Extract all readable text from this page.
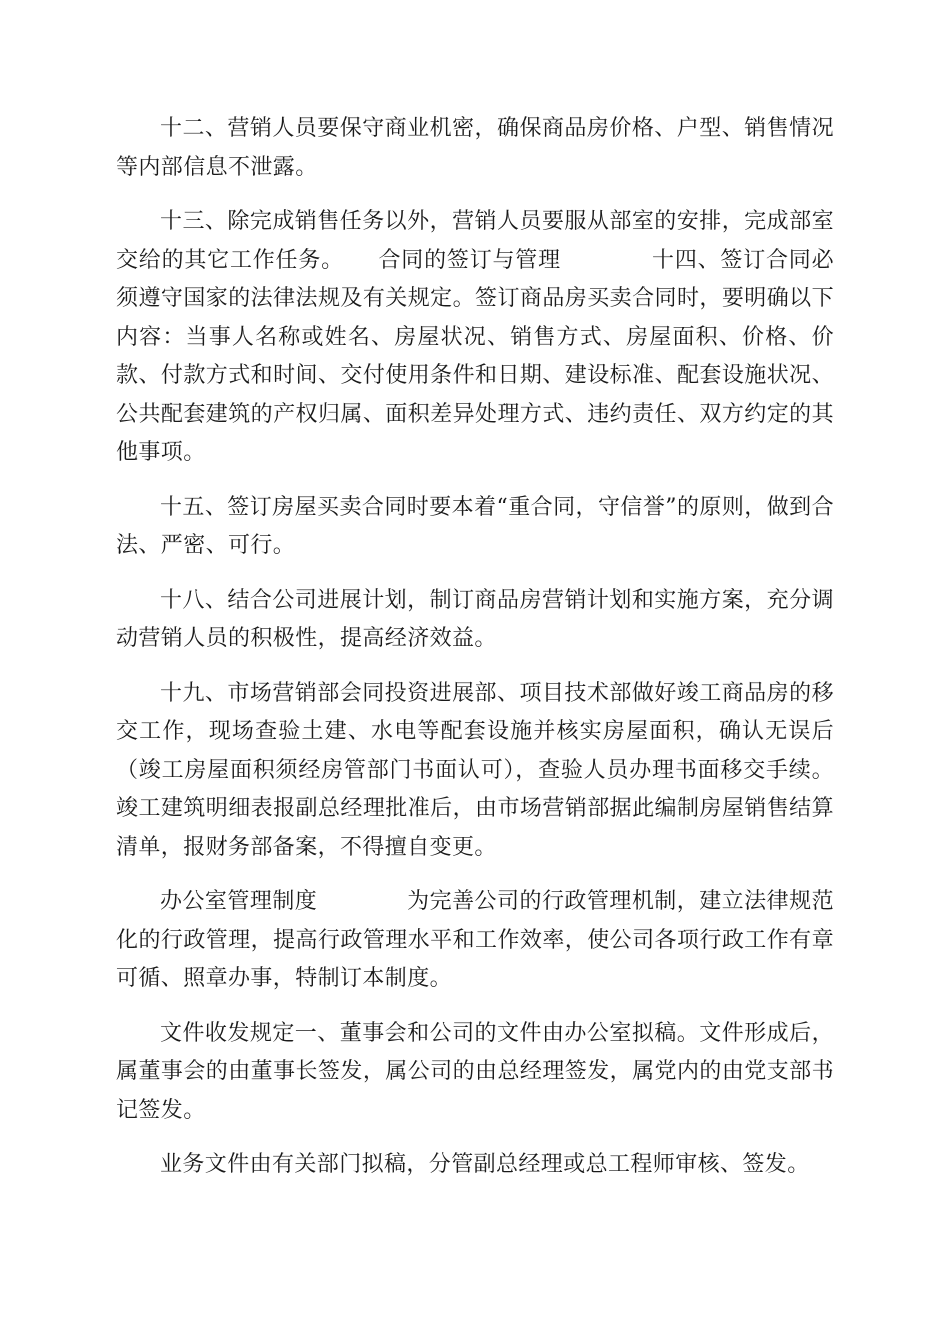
十二、营销人员要保守商业机密，确保商品房价格、户型、销售情况等内部信息不泄露。

十三、除完成销售任务以外，营销人员要服从部室的安排，完成部室交给的其它工作任务。　　合同的签订与管理　　　　十四、签订合同必须遵守国家的法律法规及有关规定。签订商品房买卖合同时，要明确以下内容：当事人名称或姓名、房屋状况、销售方式、房屋面积、价格、价款、付款方式和时间、交付使用条件和日期、建设标准、配套设施状况、公共配套建筑的产权归属、面积差异处理方式、违约责任、双方约定的其他事项。

十五、签订房屋买卖合同时要本着“重合同，守信誉”的原则，做到合法、严密、可行。

十八、结合公司进展计划，制订商品房营销计划和实施方案，充分调动营销人员的积极性，提高经济效益。

十九、市场营销部会同投资进展部、项目技术部做好竣工商品房的移交工作，现场查验土建、水电等配套设施并核实房屋面积，确认无误后（竣工房屋面积须经房管部门书面认可），查验人员办理书面移交手续。竣工建筑明细表报副总经理批准后，由市场营销部据此编制房屋销售结算清单，报财务部备案，不得擅自变更。

办公室管理制度　　　　为完善公司的行政管理机制，建立法律规范化的行政管理，提高行政管理水平和工作效率，使公司各项行政工作有章可循、照章办事，特制订本制度。

文件收发规定一、董事会和公司的文件由办公室拟稿。文件形成后，属董事会的由董事长签发，属公司的由总经理签发，属党内的由党支部书记签发。

业务文件由有关部门拟稿，分管副总经理或总工程师审核、签发。
